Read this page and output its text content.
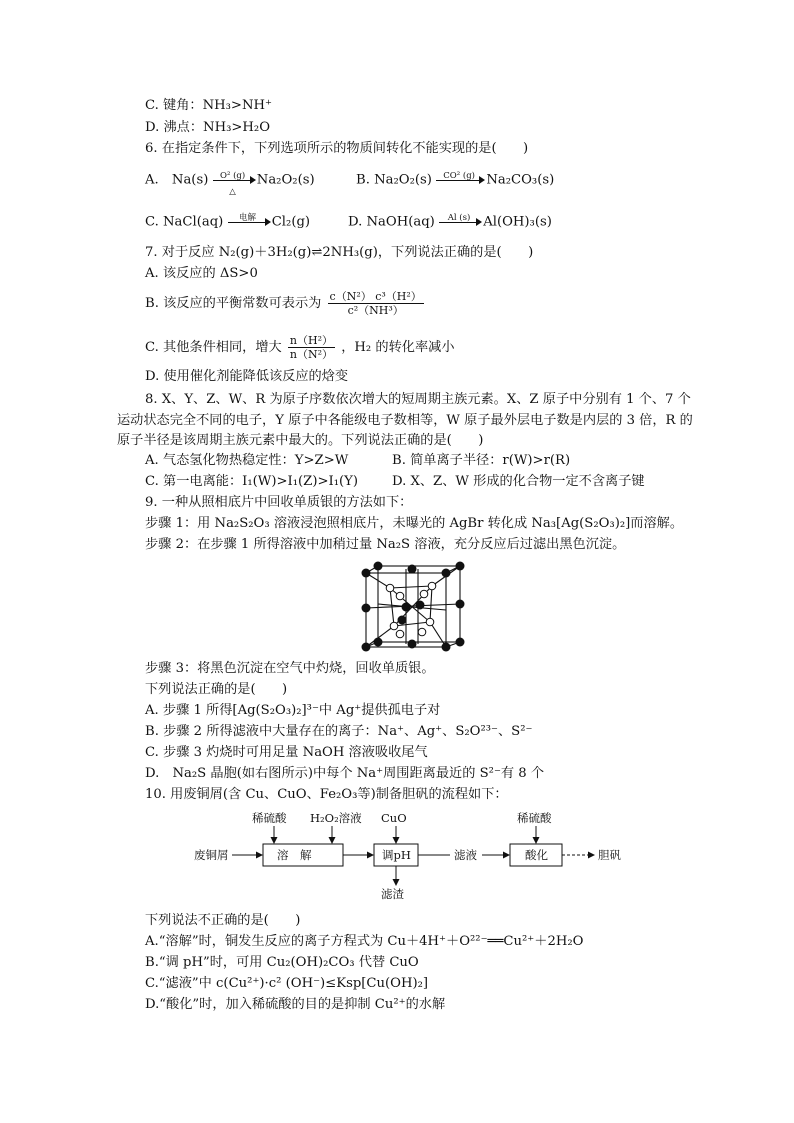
C. 键角：NH₃>NH⁺
D. 沸点：NH₃>H₂O
6. 在指定条件下，下列选项所示的物质间转化不能实现的是(　　)
A.　Na(s)	O² (g)
△
Na₂O₂(s)	B. Na₂O₂(s)	CO² (g) Na₂CO₃(s)
C. NaCl(aq)	电解	Cl₂(g)	D. NaOH(aq)	Al (s) Al(OH)₃(s)
7. 对于反应 N₂(g)＋3H₂(g)⇌2NH₃(g)，下列说法正确的是(　　)
A. 该反应的 ΔS>0
B. 该反应的平衡常数可表示为 $\frac{\text{c（N²） c³（H²）}}{\text{c²（NH³）}}$
C. 其他条件相同，增大 $\frac{\text{n（H²）}}{\text{n（N²）}}$ ，H₂ 的转化率减小
D. 使用催化剂能降低该反应的焓变
8. X、Y、Z、W、R 为原子序数依次增大的短周期主族元素。X、Z 原子中分别有 1 个、7 个运动状态完全不同的电子，Y 原子中各能级电子数相等，W 原子最外层电子数是内层的 3 倍，R 的原子半径是该周期主族元素中最大的。下列说法正确的是(　　)
A. 气态氢化物热稳定性：Y>Z>W	B. 简单离子半径：r(W)>r(R)
C. 第一电离能：I₁(W)>I₁(Z)>I₁(Y)	D. X、Z、W 形成的化合物一定不含离子键
9. 一种从照相底片中回收单质银的方法如下：
步骤 1：用 Na₂S₂O₃ 溶液浸泡照相底片，未曝光的 AgBr 转化成 Na₃[Ag(S₂O₃)₂]而溶解。
步骤 2：在步骤 1 所得溶液中加稍过量 Na₂S 溶液，充分反应后过滤出黑色沉淀。
步骤 3：将黑色沉淀在空气中灼烧，回收单质银。
下列说法正确的是(　　)
A. 步骤 1 所得[Ag(S₂O₃)₂]³⁻中 Ag⁺提供孤电子对
B. 步骤 2 所得滤液中大量存在的离子：Na⁺、Ag⁺、S₂O²³⁻、S²⁻
C. 步骤 3 灼烧时可用足量 NaOH 溶液吸收尾气
D.　Na₂S 晶胞(如右图所示)中每个 Na⁺周围距离最近的 S²⁻有 8 个
10. 用废铜屑(含 Cu、CuO、Fe₂O₃等)制备胆矾的流程如下：
废铜屑
稀硫酸 H₂O₂溶液 CuO	稀硫酸
溶　解	调pH	滤液	酸化	胆矾
滤渣
下列说法不正确的是(　　)
A.“溶解”时，铜发生反应的离子方程式为 Cu＋4H⁺＋O²²⁻══Cu²⁺＋2H₂O
B.“调 pH”时，可用 Cu₂(OH)₂CO₃ 代替 CuO
C.“滤液”中 c(Cu²⁺)·c² (OH⁻)≤Ksp[Cu(OH)₂]
D.“酸化”时，加入稀硫酸的目的是抑制 Cu²⁺的水解
